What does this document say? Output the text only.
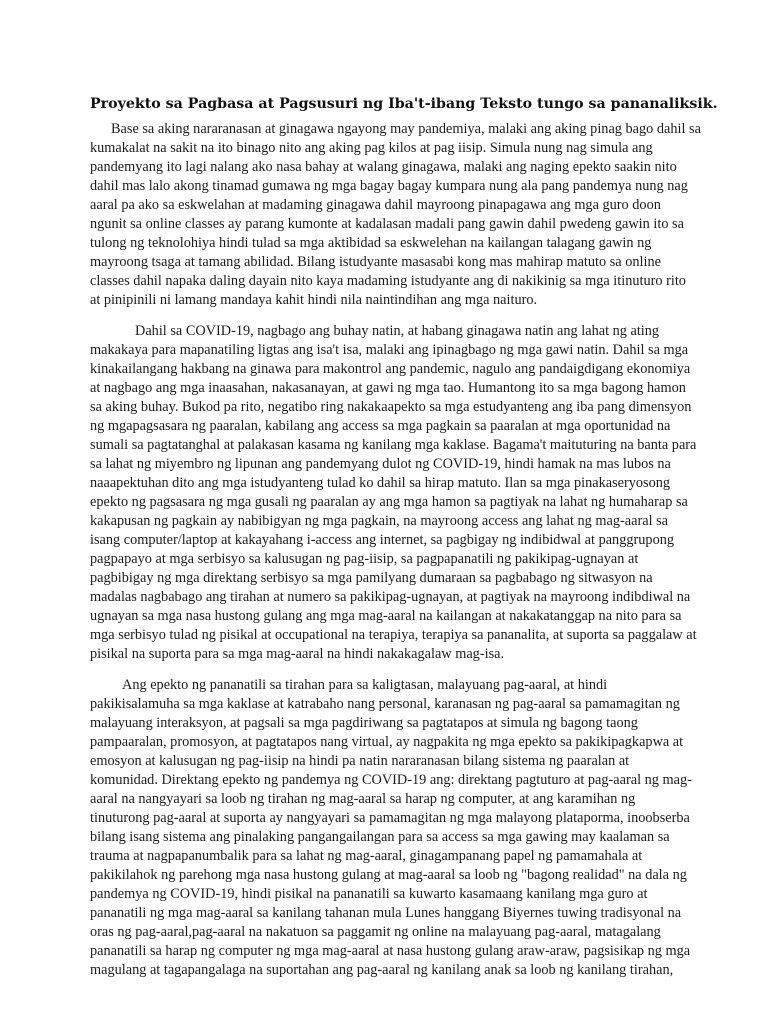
Proyekto sa Pagbasa at Pagsusuri ng Iba't-ibang Teksto tungo sa pananaliksik.

Base sa aking nararanasan at ginagawa ngayong may pandemiya, malaki ang aking pinag bago dahil sa
kumakalat na sakit na ito binago nito ang aking pag kilos at pag iisip. Simula nung nag simula ang
pandemyang ito lagi nalang ako nasa bahay at walang ginagawa, malaki ang naging epekto saakin nito
dahil mas lalo akong tinamad gumawa ng mga bagay bagay kumpara nung ala pang pandemya nung nag
aaral pa ako sa eskwelahan at madaming ginagawa dahil mayroong pinapagawa ang mga guro doon
ngunit sa online classes ay parang kumonte at kadalasan madali pang gawin dahil pwedeng gawin ito sa
tulong ng teknolohiya hindi tulad sa mga aktibidad sa eskwelehan na kailangan talagang gawin ng
mayroong tsaga at tamang abilidad. Bilang istudyante masasabi kong mas mahirap matuto sa online
classes dahil napaka daling dayain nito kaya madaming istudyante ang di nakikinig sa mga itinuturo rito
at pinipinili ni lamang mandaya kahit hindi nila naintindihan ang mga naituro.

Dahil sa COVID-19, nagbago ang buhay natin, at habang ginagawa natin ang lahat ng ating
makakaya para mapanatiling ligtas ang isa't isa, malaki ang ipinagbago ng mga gawi natin. Dahil sa mga
kinakailangang hakbang na ginawa para makontrol ang pandemic, nagulo ang pandaigdigang ekonomiya
at nagbago ang mga inaasahan, nakasanayan, at gawi ng mga tao. Humantong ito sa mga bagong hamon
sa aking buhay. Bukod pa rito, negatibo ring nakakaapekto sa mga estudyanteng ang iba pang dimensyon
ng mgapagsasara ng paaralan, kabilang ang access sa mga pagkain sa paaralan at mga oportunidad na
sumali sa pagtatanghal at palakasan kasama ng kanilang mga kaklase. Bagama't maituturing na banta para
sa lahat ng miyembro ng lipunan ang pandemyang dulot ng COVID-19, hindi hamak na mas lubos na
naaapektuhan dito ang mga istudyanteng tulad ko dahil sa hirap matuto. Ilan sa mga pinakaseryosong
epekto ng pagsasara ng mga gusali ng paaralan ay ang mga hamon sa pagtiyak na lahat ng humaharap sa
kakapusan ng pagkain ay nabibigyan ng mga pagkain, na mayroong access ang lahat ng mag-aaral sa
isang computer/laptop at kakayahang i-access ang internet, sa pagbigay ng indibidwal at panggrupong
pagpapayo at mga serbisyo sa kalusugan ng pag-iisip, sa pagpapanatili ng pakikipag-ugnayan at
pagbibigay ng mga direktang serbisyo sa mga pamilyang dumaraan sa pagbabago ng sitwasyon na
madalas nagbabago ang tirahan at numero sa pakikipag-ugnayan, at pagtiyak na mayroong indibdiwal na
ugnayan sa mga nasa hustong gulang ang mga mag-aaral na kailangan at nakakatanggap na nito para sa
mga serbisyo tulad ng pisikal at occupational na terapiya, terapiya sa pananalita, at suporta sa paggalaw at
pisikal na suporta para sa mga mag-aaral na hindi nakakagalaw mag-isa.

Ang epekto ng pananatili sa tirahan para sa kaligtasan, malayuang pag-aaral, at hindi
pakikisalamuha sa mga kaklase at katrabaho nang personal, karanasan ng pag-aaral sa pamamagitan ng
malayuang interaksyon, at pagsali sa mga pagdiriwang sa pagtatapos at simula ng bagong taong
pampaaralan, promosyon, at pagtatapos nang virtual, ay nagpakita ng mga epekto sa pakikipagkapwa at
emosyon at kalusugan ng pag-iisip na hindi pa natin nararanasan bilang sistema ng paaralan at
komunidad. Direktang epekto ng pandemya ng COVID-19 ang: direktang pagtuturo at pag-aaral ng mag-
aaral na nangyayari sa loob ng tirahan ng mag-aaral sa harap ng computer, at ang karamihan ng
tinuturong pag-aaral at suporta ay nangyayari sa pamamagitan ng mga malayong plataporma, inoobserba
bilang isang sistema ang pinalaking pangangailangan para sa access sa mga gawing may kaalaman sa
trauma at nagpapanumbalik para sa lahat ng mag-aaral, ginagampanang papel ng pamamahala at
pakikilahok ng parehong mga nasa hustong gulang at mag-aaral sa loob ng "bagong realidad" na dala ng
pandemya ng COVID-19, hindi pisikal na pananatili sa kuwarto kasamaang kanilang mga guro at
pananatili ng mga mag-aaral sa kanilang tahanan mula Lunes hanggang Biyernes tuwing tradisyonal na
oras ng pag-aaral,pag-aaral na nakatuon sa paggamit ng online na malayuang pag-aaral, matagalang
pananatili sa harap ng computer ng mga mag-aaral at nasa hustong gulang araw-araw, pagsisikap ng mga
magulang at tagapangalaga na suportahan ang pag-aaral ng kanilang anak sa loob ng kanilang tirahan,
